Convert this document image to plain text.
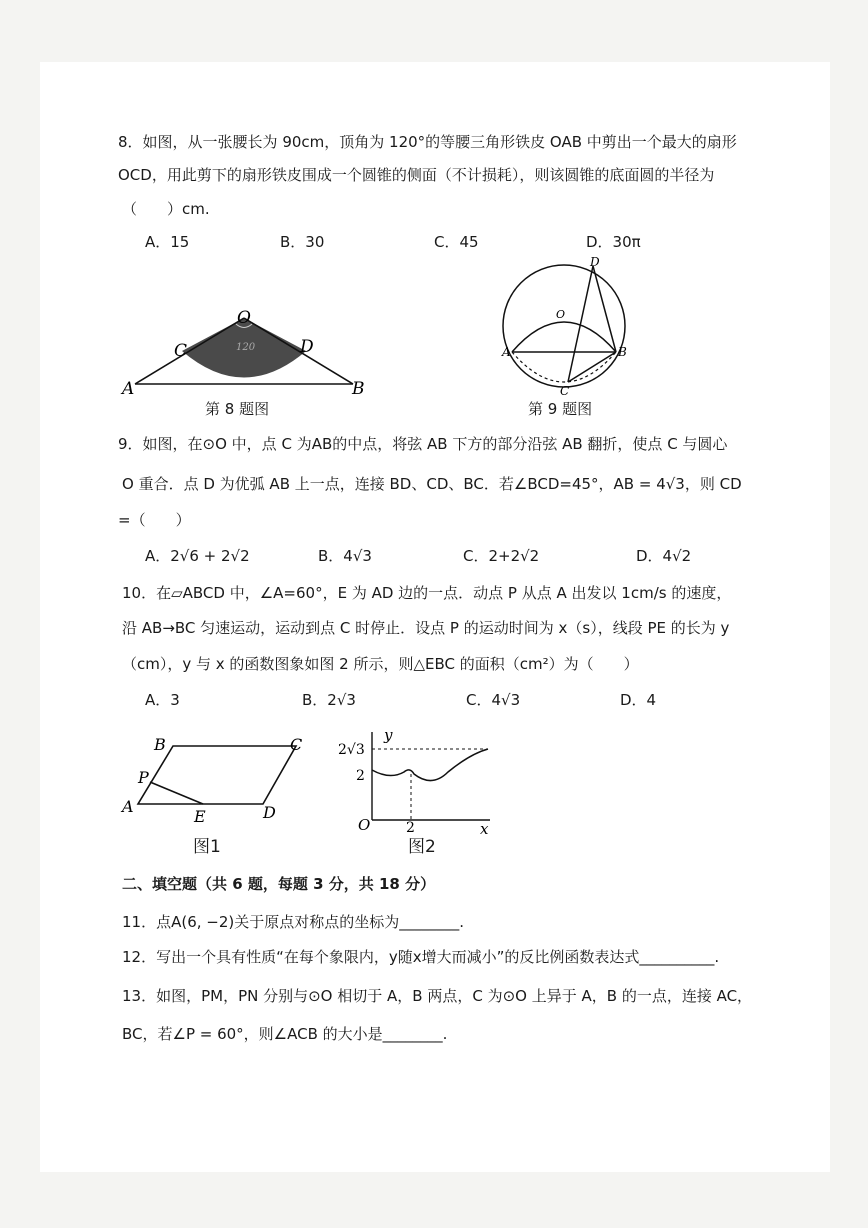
8．如图，从一张腰长为 90cm，顶角为 120°的等腰三角形铁皮 OAB 中剪出一个最大的扇形
OCD，用此剪下的扇形铁皮围成一个圆锥的侧面（不计损耗），则该圆锥的底面圆的半径为
（　　）cm.
A．15	B．30	C．45	D．30π
O
C	D
A	B
120
第 8 题图
D
O
A	B
C
第 9 题图
9．如图，在⊙O 中，点 C 为AB的中点，将弦 AB 下方的部分沿弦 AB 翻折，使点 C 与圆心
O 重合．点 D 为优弧 AB 上一点，连接 BD、CD、BC．若∠BCD=45°，AB = 4√3，则 CD
=（　　）
A．2√6 + 2√2	B．4√3	C．2+2√2	D．4√2
10．在▱ABCD 中，∠A=60°，E 为 AD 边的一点．动点 P 从点 A 出发以 1cm/s 的速度，
沿 AB→BC 匀速运动，运动到点 C 时停止．设点 P 的运动时间为 x（s），线段 PE 的长为 y
（cm），y 与 x 的函数图象如图 2 所示，则△EBC 的面积（cm²）为（　　）
A．3	B．2√3	C．4√3	D．4
B	C
P
A
E	D
图1
y
x
O
2√3
2
2
图2
二、填空题（共 6 题，每题 3 分，共 18 分）
11．点A(6, −2)关于原点对称点的坐标为________.
12．写出一个具有性质“在每个象限内，y随x增大而减小”的反比例函数表达式__________.
13．如图，PM，PN 分别与⊙O 相切于 A，B 两点，C 为⊙O 上异于 A，B 的一点，连接 AC，
BC，若∠P = 60°，则∠ACB 的大小是________.
